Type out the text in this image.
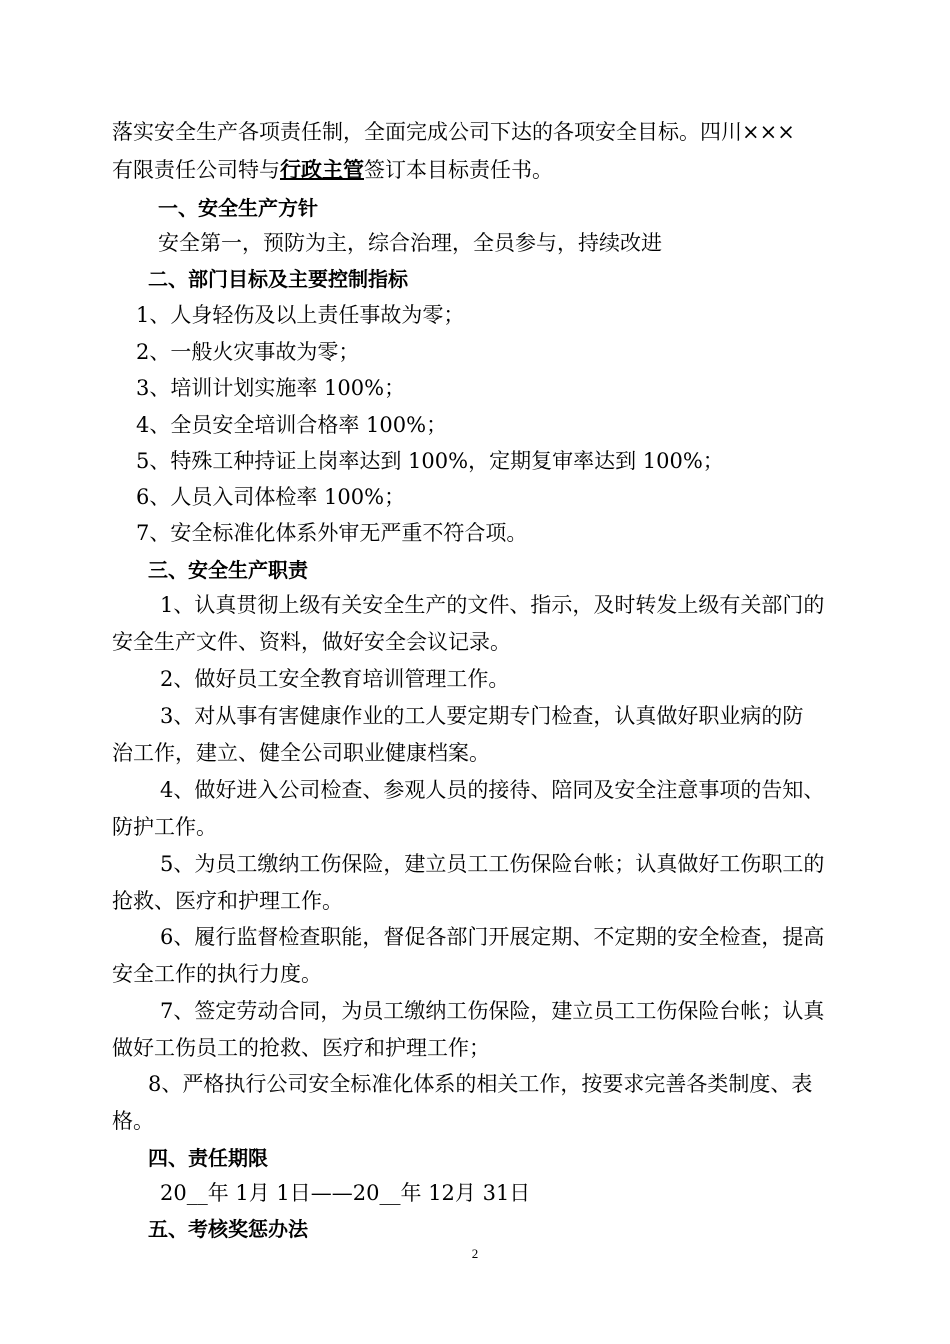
落实安全生产各项责任制，全面完成公司下达的各项安全目标。四川×××
有限责任公司特与行政主管签订本目标责任书。
一、安全生产方针
安全第一，预防为主，综合治理，全员参与，持续改进
二、部门目标及主要控制指标
1、人身轻伤及以上责任事故为零；
2、一般火灾事故为零；
3、培训计划实施率 100%；
4、全员安全培训合格率 100%；
5、特殊工种持证上岗率达到 100%，定期复审率达到 100%；
6、人员入司体检率 100%；
7、安全标准化体系外审无严重不符合项。
三、安全生产职责
1、认真贯彻上级有关安全生产的文件、指示，及时转发上级有关部门的
安全生产文件、资料，做好安全会议记录。
2、做好员工安全教育培训管理工作。
3、对从事有害健康作业的工人要定期专门检查，认真做好职业病的防
治工作，建立、健全公司职业健康档案。
4、做好进入公司检查、参观人员的接待、陪同及安全注意事项的告知、
防护工作。
5、为员工缴纳工伤保险，建立员工工伤保险台帐；认真做好工伤职工的
抢救、医疗和护理工作。
6、履行监督检查职能，督促各部门开展定期、不定期的安全检查，提高
安全工作的执行力度。
7、签定劳动合同，为员工缴纳工伤保险，建立员工工伤保险台帐；认真
做好工伤员工的抢救、医疗和护理工作；
8、严格执行公司安全标准化体系的相关工作，按要求完善各类制度、表
格。
四、责任期限
20__年 1月 1日——20__年 12月 31日
五、考核奖惩办法
2
